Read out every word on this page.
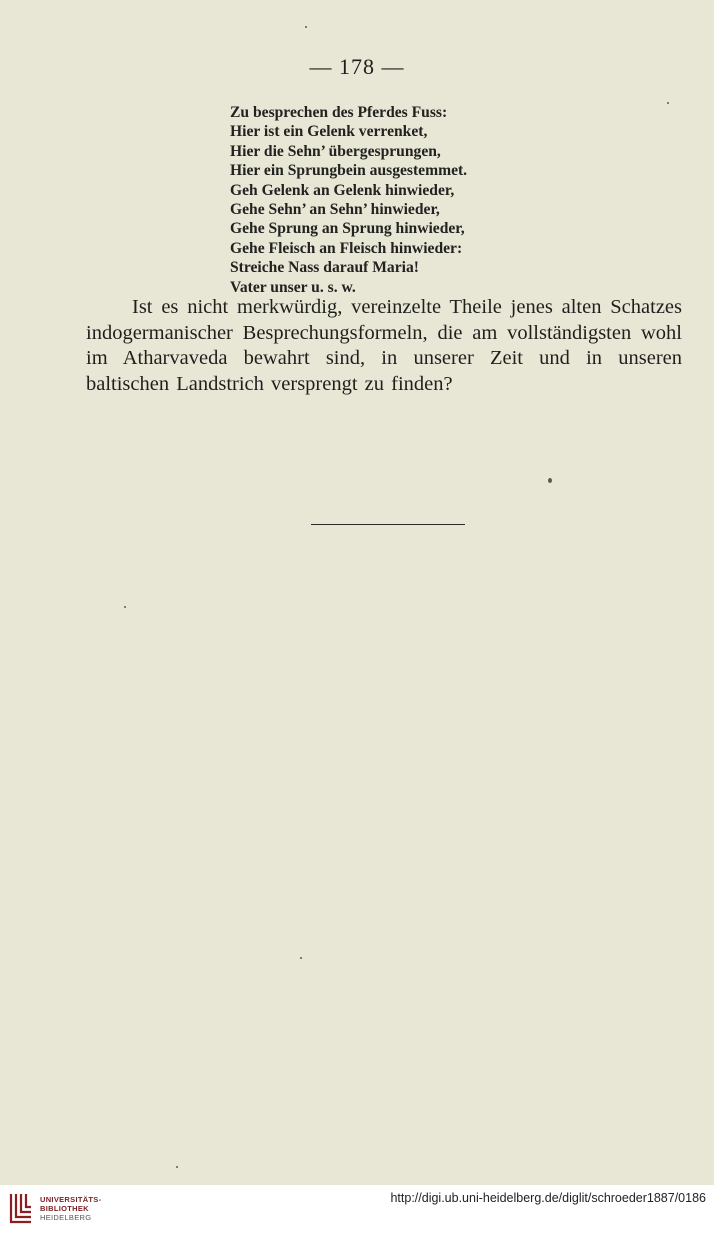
— 178 —
Zu besprechen des Pferdes Fuss:
Hier ist ein Gelenk verrenket,
Hier die Sehn’ übergesprungen,
Hier ein Sprungbein ausgestemmet.
Geh Gelenk an Gelenk hinwieder,
Gehe Sehn’ an Sehn’ hinwieder,
Gehe Sprung an Sprung hinwieder,
Gehe Fleisch an Fleisch hinwieder:
Streiche Nass darauf Maria!
Vater unser u. s. w.
Ist es nicht merkwürdig, vereinzelte Theile jenes alten Schatzes indogermanischer Besprechungsformeln, die am vollständigsten wohl im Atharvaveda bewahrt sind, in unserer Zeit und in unseren baltischen Landstrich versprengt zu finden?
UNIVERSITÄTS-
BIBLIOTHEK
HEIDELBERG
http://digi.ub.uni-heidelberg.de/diglit/schroeder1887/0186
